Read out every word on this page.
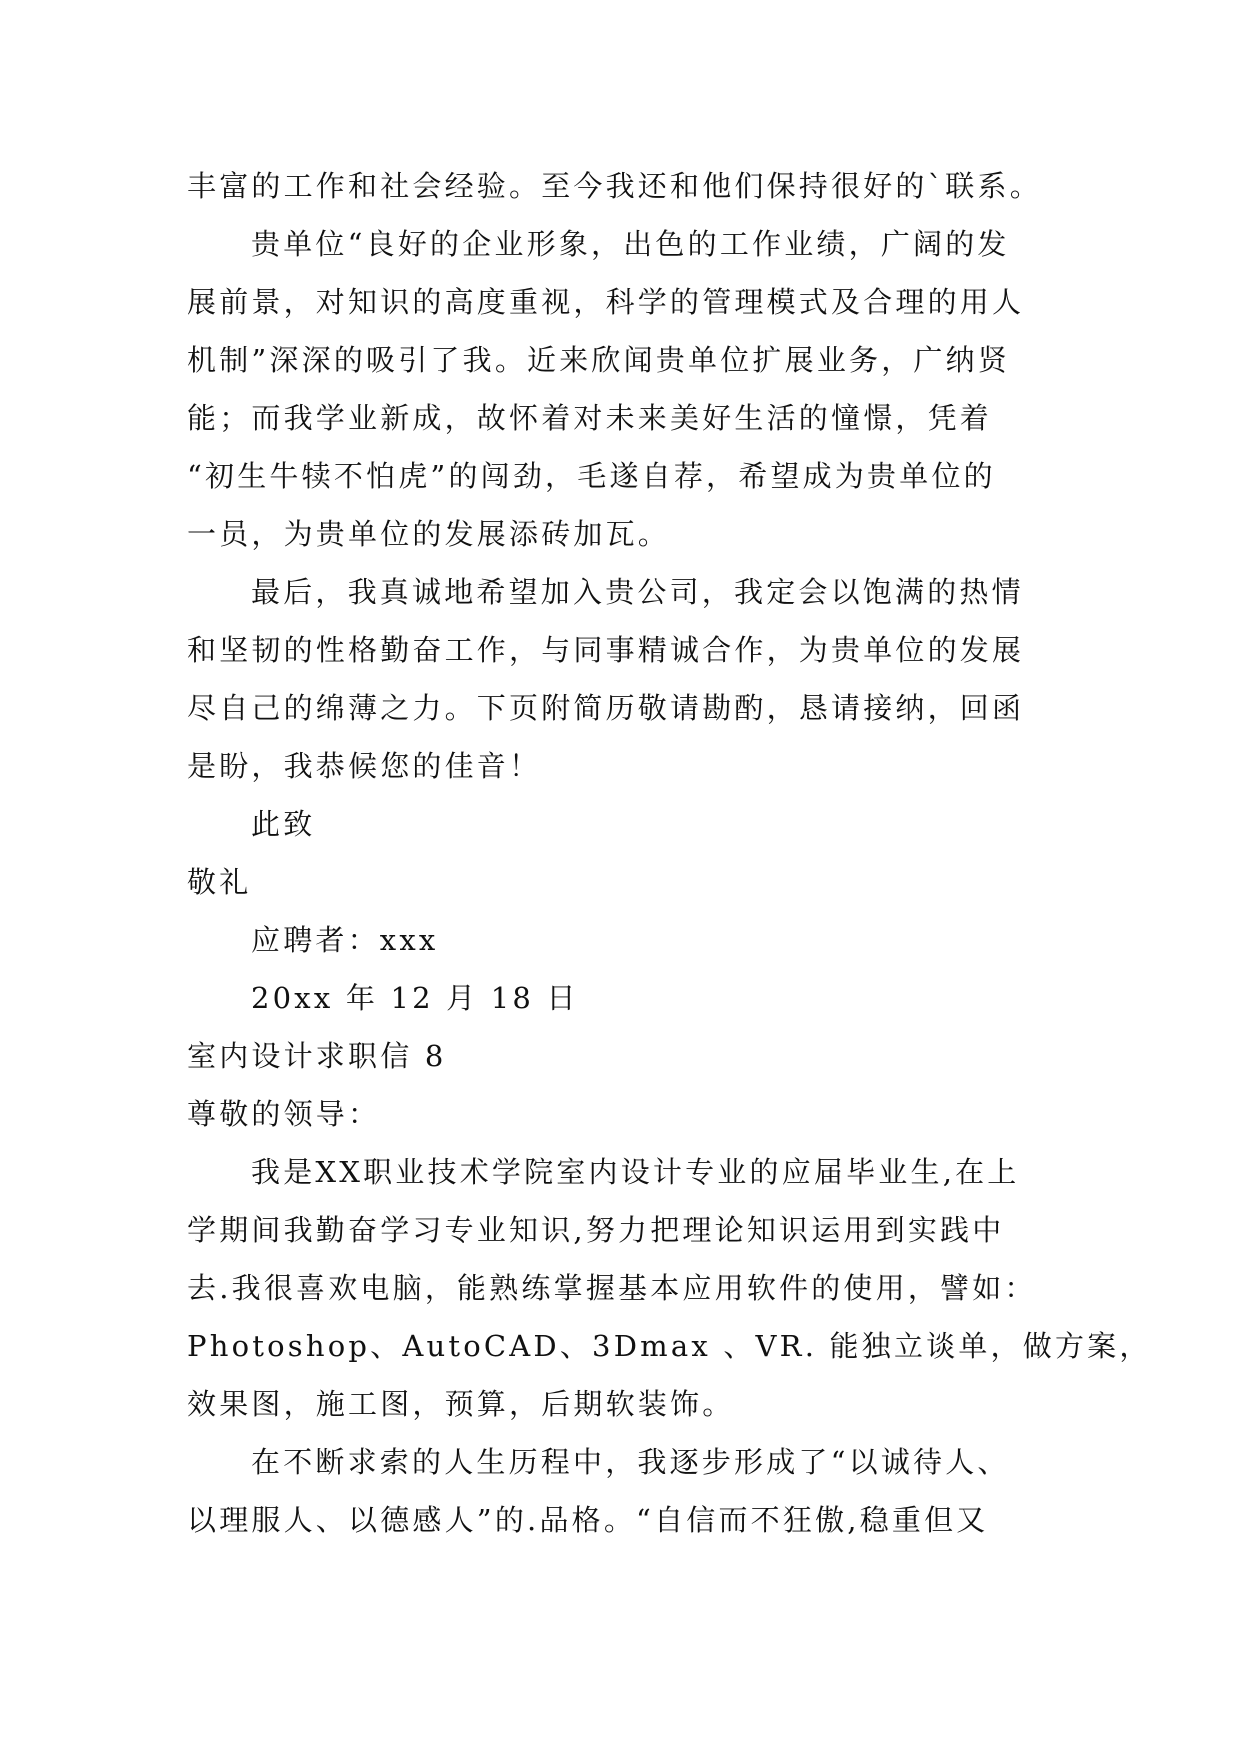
丰富的工作和社会经验。至今我还和他们保持很好的`联系。
贵单位“良好的企业形象，出色的工作业绩，广阔的发
展前景，对知识的高度重视，科学的管理模式及合理的用人
机制”深深的吸引了我。近来欣闻贵单位扩展业务，广纳贤
能；而我学业新成，故怀着对未来美好生活的憧憬，凭着
“初生牛犊不怕虎”的闯劲，毛遂自荐，希望成为贵单位的
一员，为贵单位的发展添砖加瓦。
最后，我真诚地希望加入贵公司，我定会以饱满的热情
和坚韧的性格勤奋工作，与同事精诚合作，为贵单位的发展
尽自己的绵薄之力。下页附简历敬请勘酌，恳请接纳，回函
是盼，我恭候您的佳音！
此致
敬礼
应聘者：xxx
20xx 年 12 月 18 日
室内设计求职信 8
尊敬的领导：
我是XX职业技术学院室内设计专业的应届毕业生,在上
学期间我勤奋学习专业知识,努力把理论知识运用到实践中
去.我很喜欢电脑，能熟练掌握基本应用软件的使用，譬如：
Photoshop、AutoCAD、3Dmax 、VR. 能独立谈单，做方案，
效果图，施工图，预算，后期软装饰。
在不断求索的人生历程中，我逐步形成了“以诚待人、
以理服人、以德感人”的.品格。“自信而不狂傲,稳重但又
